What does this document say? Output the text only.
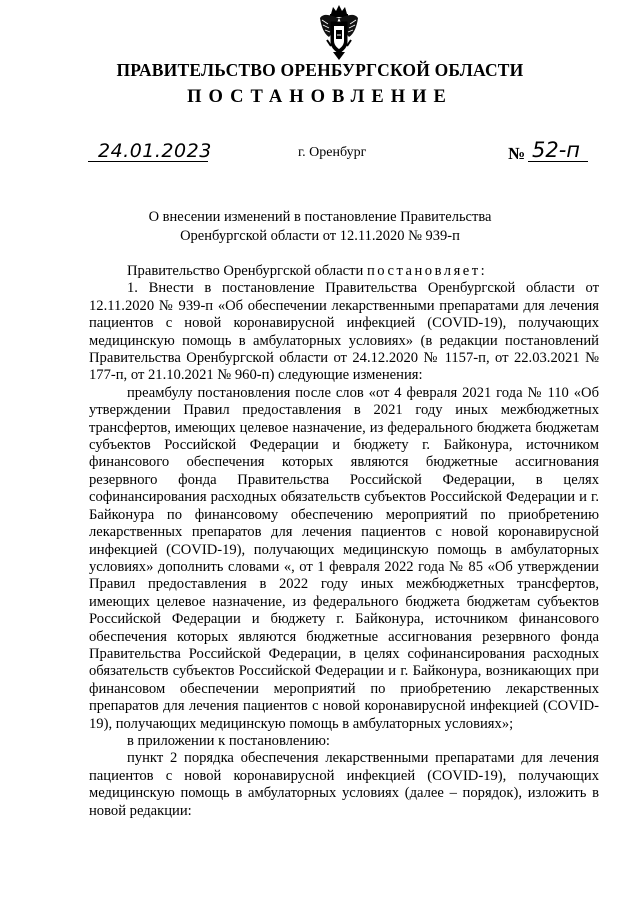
ПРАВИТЕЛЬСТВО ОРЕНБУРГСКОЙ ОБЛАСТИ
ПОСТАНОВЛЕНИЕ
24.01.2023	г. Оренбург	№ 52-п
О внесении изменений в постановление Правительства
Оренбургской области от 12.11.2020 № 939-п

Правительство Оренбургской области постановляет:

1. Внести в постановление Правительства Оренбургской области от 12.11.2020 № 939-п «Об обеспечении лекарственными препаратами для лечения пациентов с новой коронавирусной инфекцией (COVID-19), получающих медицинскую помощь в амбулаторных условиях» (в редакции постановлений Правительства Оренбургской области от 24.12.2020 № 1157-п, от 22.03.2021 № 177-п, от 21.10.2021 № 960-п) следующие изменения:

преамбулу постановления после слов «от 4 февраля 2021 года № 110 «Об утверждении Правил предоставления в 2021 году иных межбюджетных трансфертов, имеющих целевое назначение, из федерального бюджета бюджетам субъектов Российской Федерации и бюджету г. Байконура, источником финансового обеспечения которых являются бюджетные ассигнования резервного фонда Правительства Российской Федерации, в целях софинансирования расходных обязательств субъектов Российской Федерации и г. Байконура по финансовому обеспечению мероприятий по приобретению лекарственных препаратов для лечения пациентов с новой коронавирусной инфекцией (COVID-19), получающих медицинскую помощь в амбулаторных условиях» дополнить словами «, от 1 февраля 2022 года № 85 «Об утверждении Правил предоставления в 2022 году иных межбюджетных трансфертов, имеющих целевое назначение, из федерального бюджета бюджетам субъектов Российской Федерации и бюджету г. Байконура, источником финансового обеспечения которых являются бюджетные ассигнования резервного фонда Правительства Российской Федерации, в целях софинансирования расходных обязательств субъектов Российской Федерации и г. Байконура, возникающих при финансовом обеспечении мероприятий по приобретению лекарственных препаратов для лечения пациентов с новой коронавирусной инфекцией (COVID-19), получающих медицинскую помощь в амбулаторных условиях»;

в приложении к постановлению:

пункт 2 порядка обеспечения лекарственными препаратами для лечения пациентов с новой коронавирусной инфекцией (COVID-19), получающих медицинскую помощь в амбулаторных условиях (далее – порядок), изложить в новой редакции:
